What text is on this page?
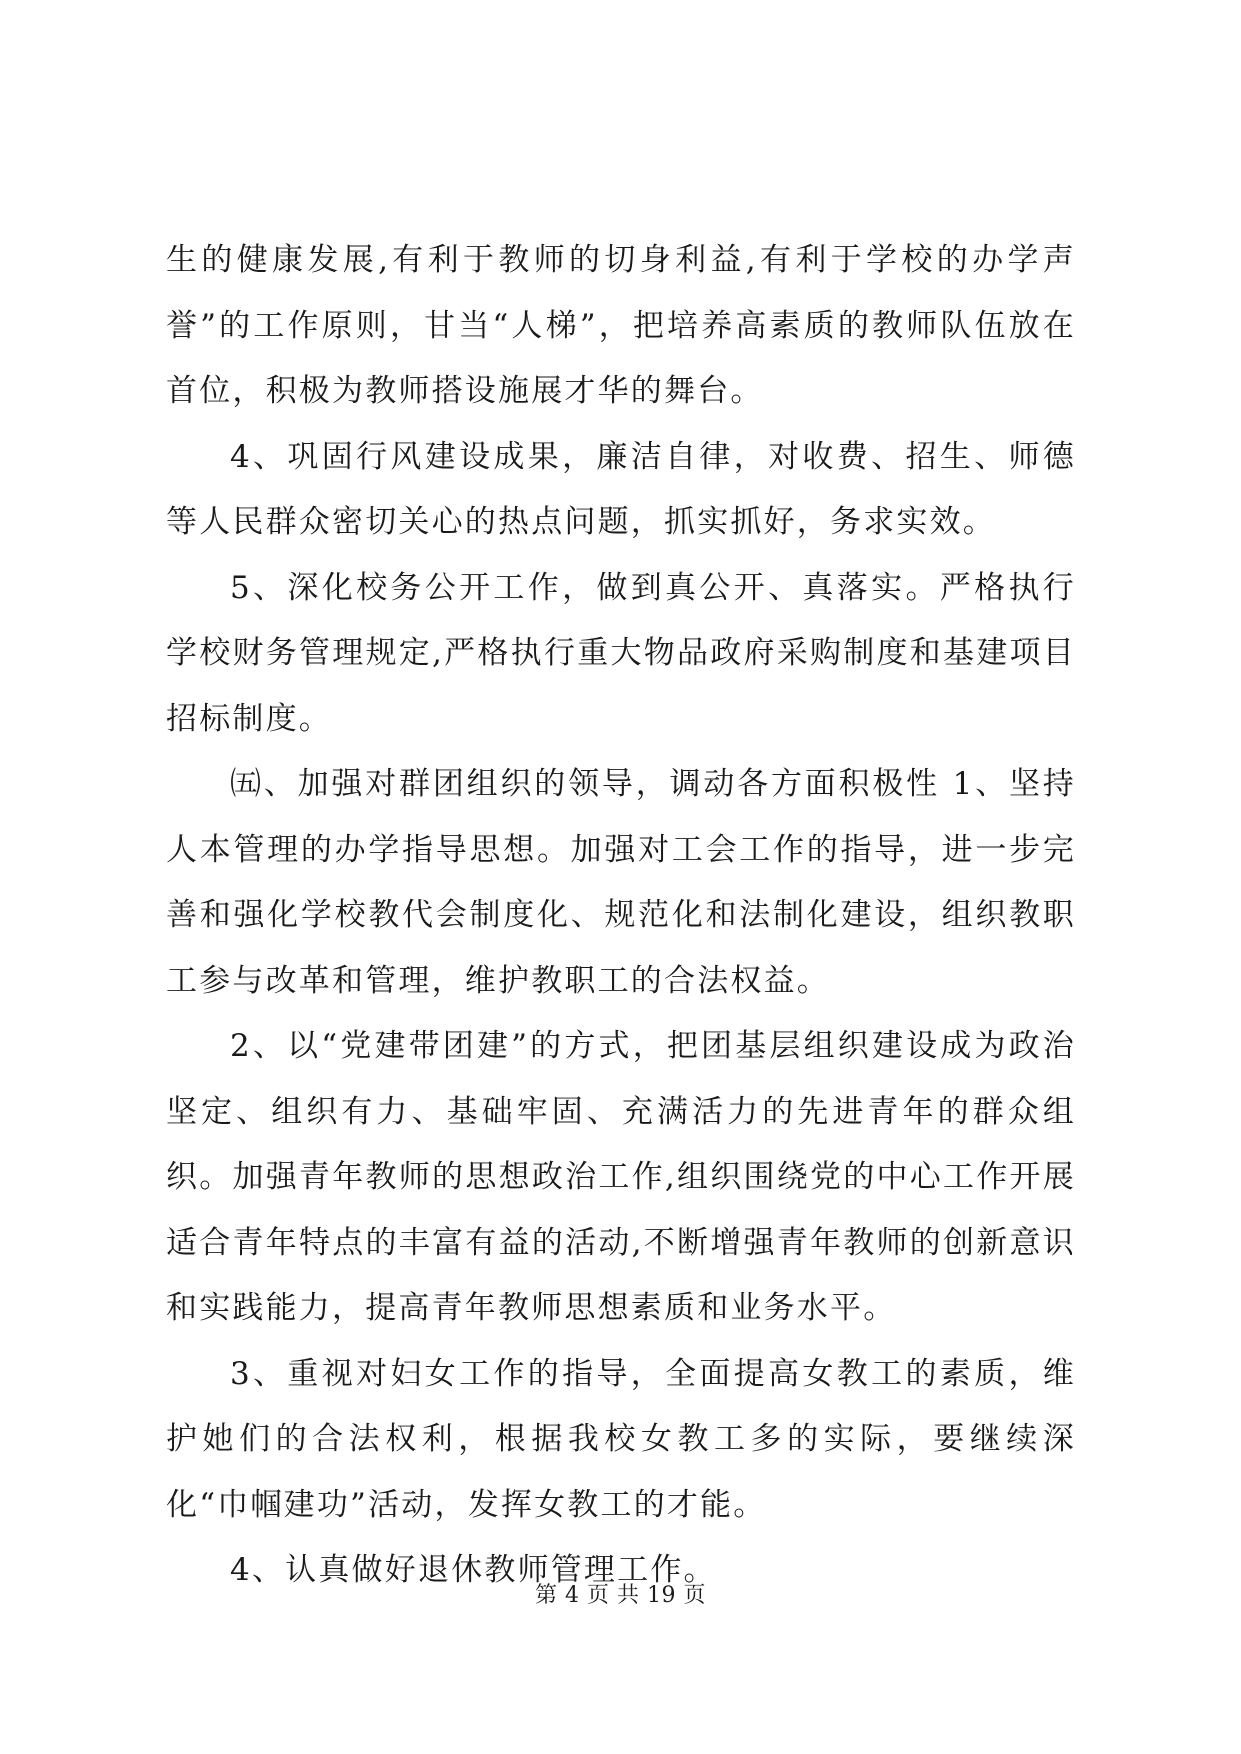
生的健康发展,有利于教师的切身利益,有利于学校的办学声誉”的工作原则，甘当“人梯”，把培养高素质的教师队伍放在首位，积极为教师搭设施展才华的舞台。

4、巩固行风建设成果，廉洁自律，对收费、招生、师德等人民群众密切关心的热点问题，抓实抓好，务求实效。

5、深化校务公开工作，做到真公开、真落实。严格执行学校财务管理规定,严格执行重大物品政府采购制度和基建项目招标制度。

㈤、加强对群团组织的领导，调动各方面积极性 1、坚持人本管理的办学指导思想。加强对工会工作的指导，进一步完善和强化学校教代会制度化、规范化和法制化建设，组织教职工参与改革和管理，维护教职工的合法权益。

2、以“党建带团建”的方式，把团基层组织建设成为政治坚定、组织有力、基础牢固、充满活力的先进青年的群众组织。加强青年教师的思想政治工作,组织围绕党的中心工作开展适合青年特点的丰富有益的活动,不断增强青年教师的创新意识和实践能力，提高青年教师思想素质和业务水平。

3、重视对妇女工作的指导，全面提高女教工的素质，维护她们的合法权利，根据我校女教工多的实际，要继续深化“巾帼建功”活动，发挥女教工的才能。

4、认真做好退休教师管理工作。

第 4 页 共 19 页
